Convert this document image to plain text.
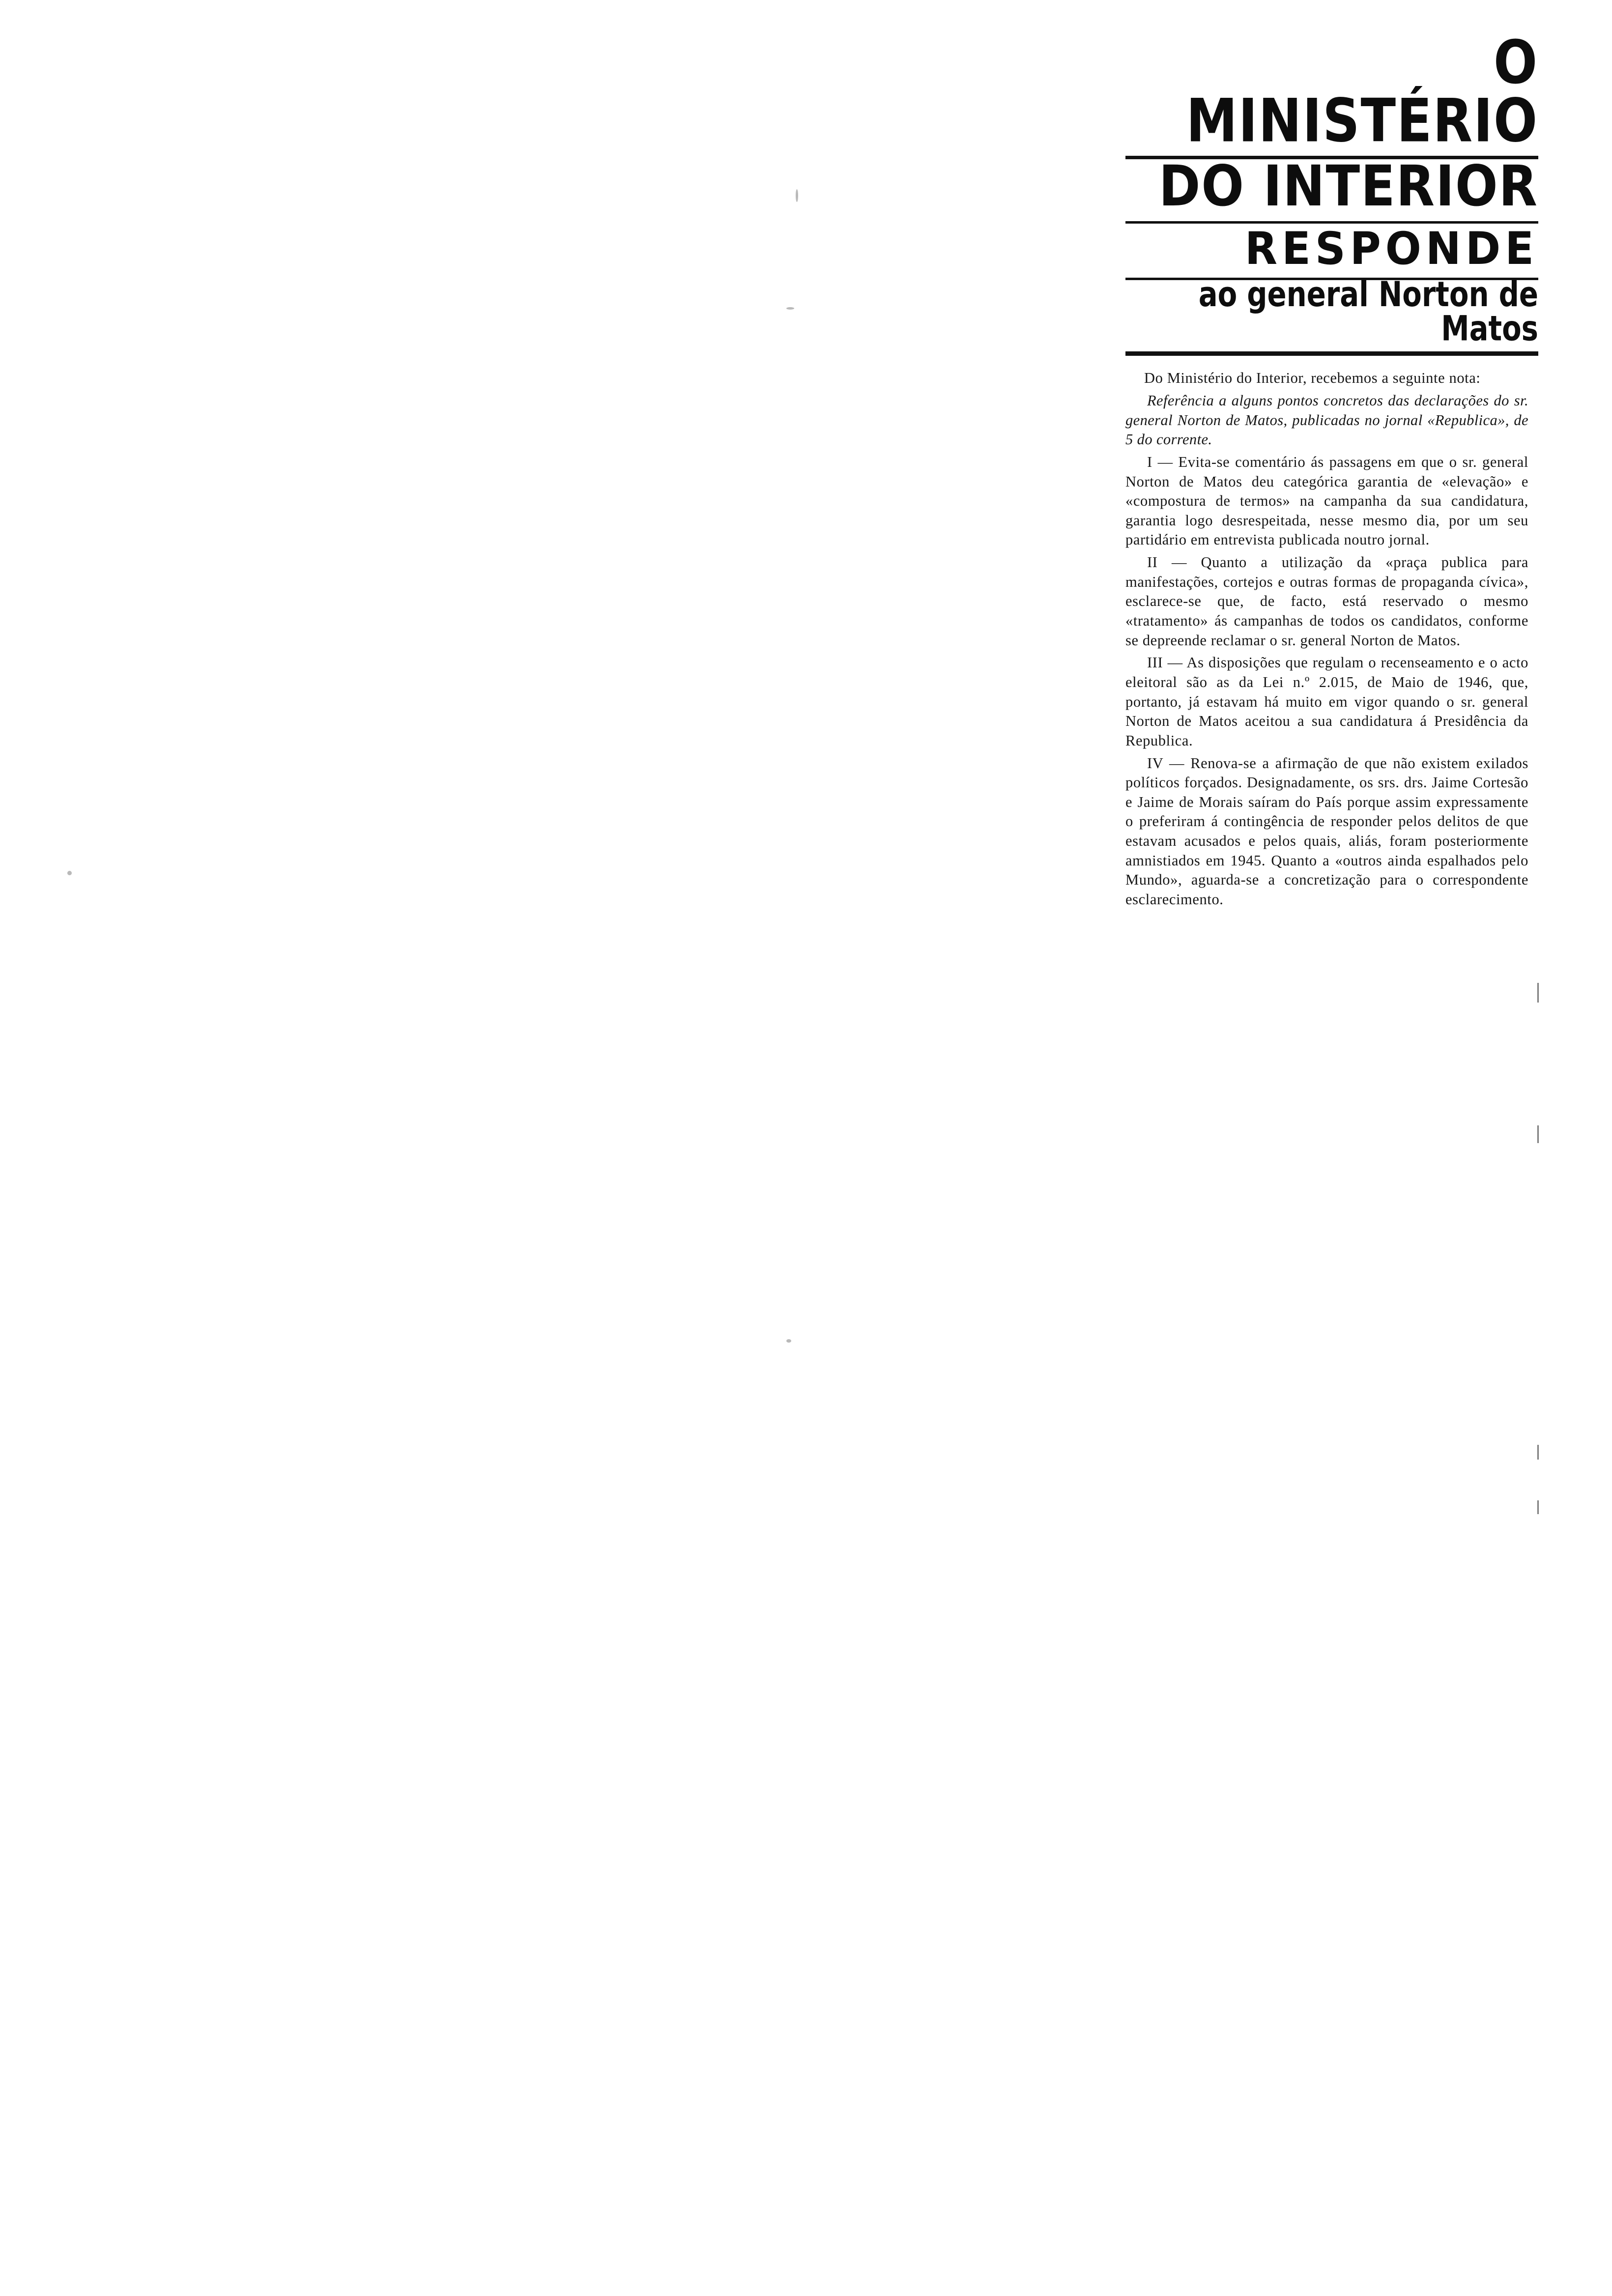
O MINISTÉRIO
DO INTERIOR
RESPONDE
ao general Norton de Matos

Do Ministério do Interior, recebemos a seguinte nota:

Referência a alguns pontos concretos das declarações do sr. general Norton de Matos, publicadas no jornal «Republica», de 5 do corrente.

I — Evita-se comentário ás passagens em que o sr. general Norton de Matos deu categórica garantia de «elevação» e «compostura de termos» na campanha da sua candidatura, garantia logo desrespeitada, nesse mesmo dia, por um seu partidário em entrevista publicada noutro jornal.

II — Quanto a utilização da «praça publica para manifestações, cortejos e outras formas de propaganda cívica», esclarece-se que, de facto, está reservado o mesmo «tratamento» ás campanhas de todos os candidatos, conforme se depreende reclamar o sr. general Norton de Matos.

III — As disposições que regulam o recenseamento e o acto eleitoral são as da Lei n.º 2.015, de Maio de 1946, que, portanto, já estavam há muito em vigor quando o sr. general Norton de Matos aceitou a sua candidatura á Presidência da Republica.

IV — Renova-se a afirmação de que não existem exilados políticos forçados. Designadamente, os srs. drs. Jaime Cortesão e Jaime de Morais saíram do País porque assim expressamente o preferiram á contingência de responder pelos delitos de que estavam acusados e pelos quais, aliás, foram posteriormente amnistiados em 1945. Quanto a «outros ainda espalhados pelo Mundo», aguarda-se a concretização para o correspondente esclarecimento.
